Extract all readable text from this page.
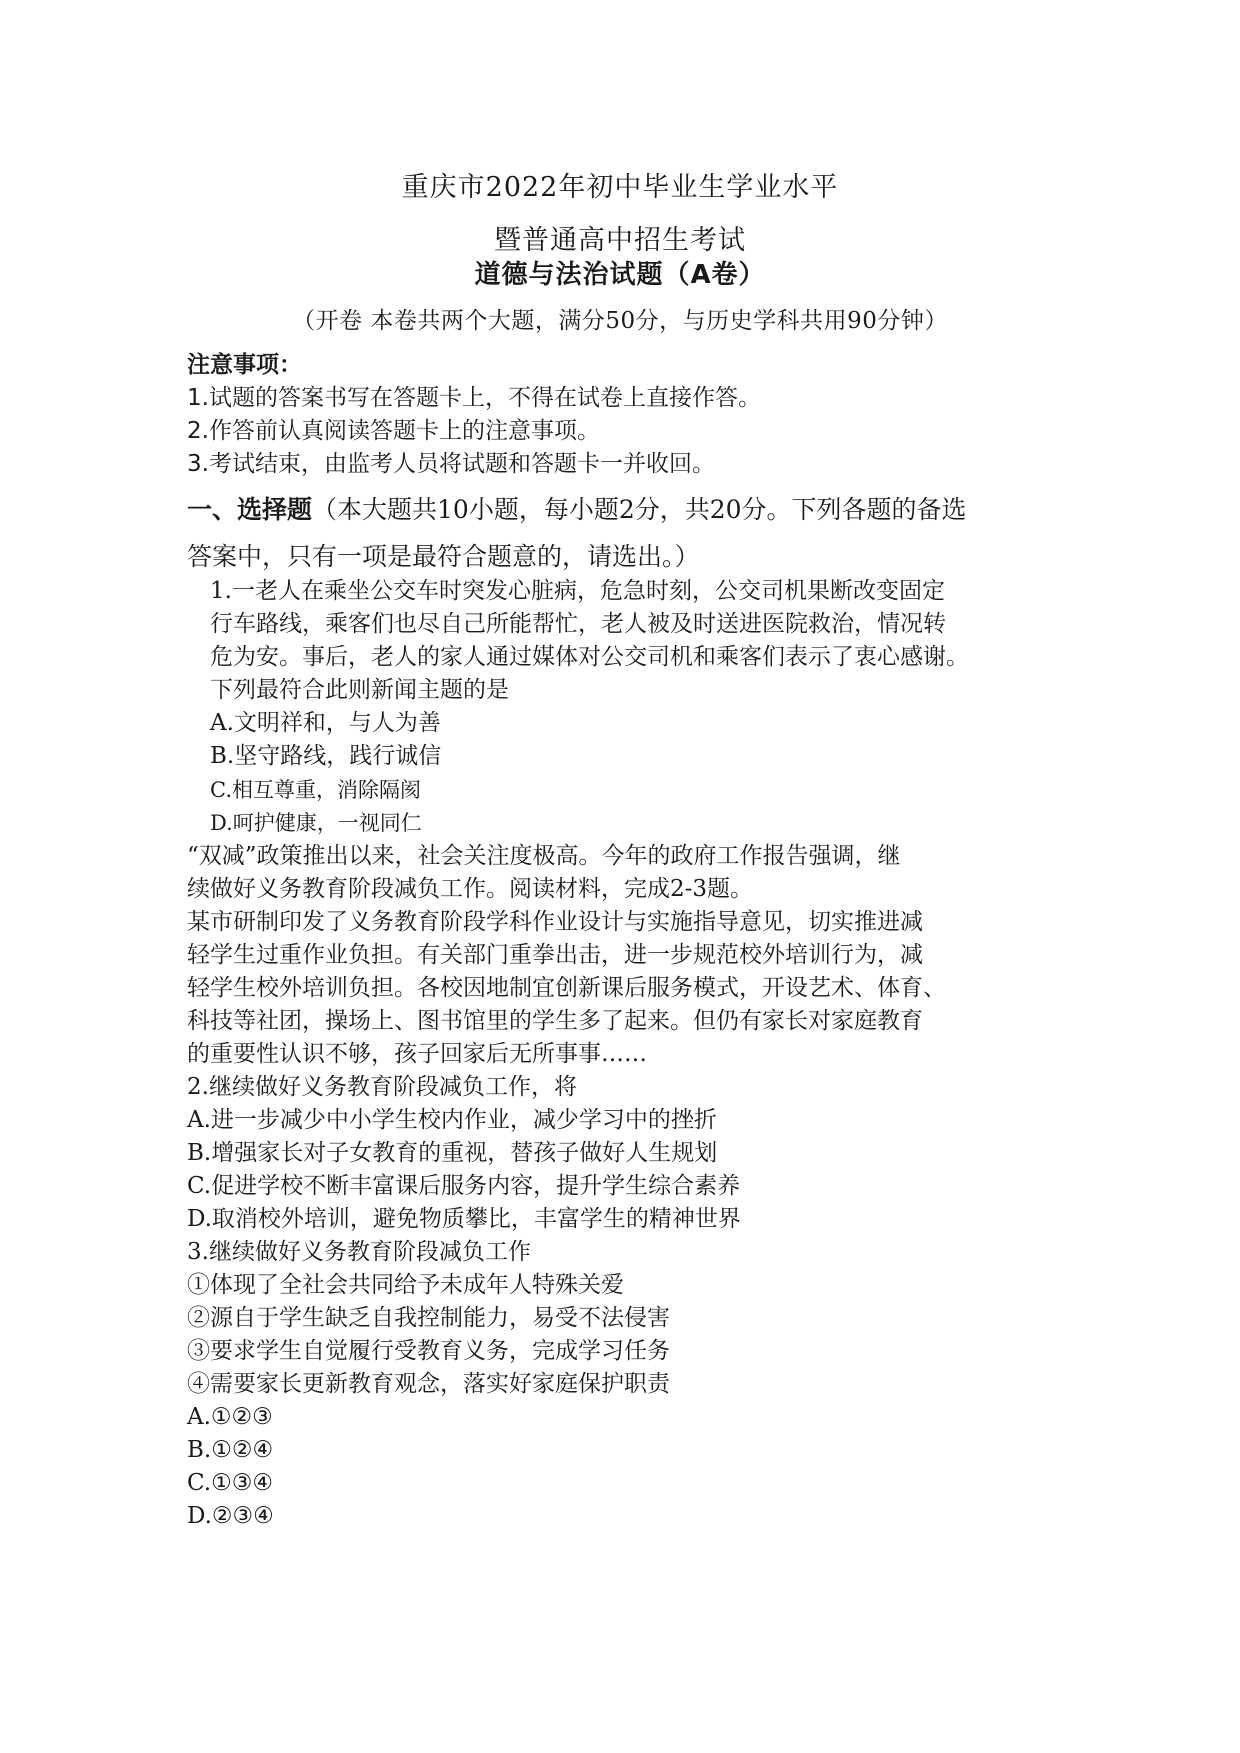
重庆市2022年初中毕业生学业水平
暨普通高中招生考试
道德与法治试题（A卷）
（开卷 本卷共两个大题，满分50分，与历史学科共用90分钟）
注意事项：
1.试题的答案书写在答题卡上，不得在试卷上直接作答。
2.作答前认真阅读答题卡上的注意事项。
3.考试结束，由监考人员将试题和答题卡一并收回。
一、选择题（本大题共10小题，每小题2分，共20分。下列各题的备选
答案中，只有一项是最符合题意的，请选出。）
1.一老人在乘坐公交车时突发心脏病，危急时刻，公交司机果断改变固定
行车路线，乘客们也尽自己所能帮忙，老人被及时送进医院救治，情况转
危为安。事后，老人的家人通过媒体对公交司机和乘客们表示了衷心感谢。
下列最符合此则新闻主题的是
A.文明祥和，与人为善
B.坚守路线，践行诚信
C.相互尊重，消除隔阂
D.呵护健康，一视同仁
“双减”政策推出以来，社会关注度极高。今年的政府工作报告强调，继
续做好义务教育阶段减负工作。阅读材料，完成2-3题。
某市研制印发了义务教育阶段学科作业设计与实施指导意见，切实推进减
轻学生过重作业负担。有关部门重拳出击，进一步规范校外培训行为，减
轻学生校外培训负担。各校因地制宜创新课后服务模式，开设艺术、体育、
科技等社团，操场上、图书馆里的学生多了起来。但仍有家长对家庭教育
的重要性认识不够，孩子回家后无所事事……
2.继续做好义务教育阶段减负工作，将
A.进一步减少中小学生校内作业，减少学习中的挫折
B.增强家长对子女教育的重视，替孩子做好人生规划
C.促进学校不断丰富课后服务内容，提升学生综合素养
D.取消校外培训，避免物质攀比，丰富学生的精神世界
3.继续做好义务教育阶段减负工作
①体现了全社会共同给予未成年人特殊关爱
②源自于学生缺乏自我控制能力，易受不法侵害
③要求学生自觉履行受教育义务，完成学习任务
④需要家长更新教育观念，落实好家庭保护职责
A.①②③
B.①②④
C.①③④
D.②③④
